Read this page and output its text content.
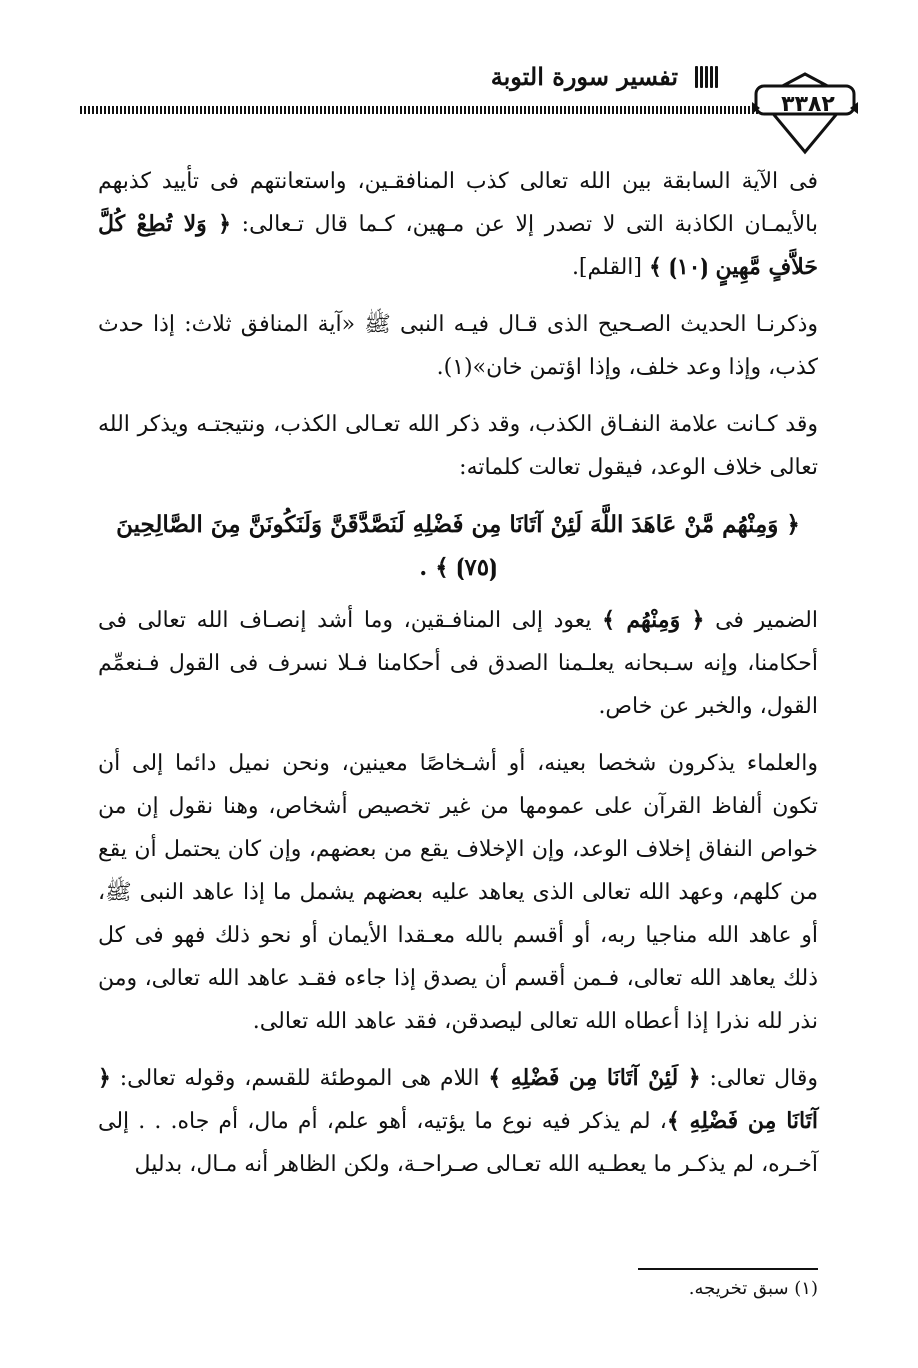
تفسير سورة التوبة
٣٣٨٢

فى الآية السابقة بين الله تعالى كذب المنافقـين، واستعانتهم فى تأييد كذبهم بالأيمـان الكاذبة التى لا تصدر إلا عن مـهين، كـما قال تـعالى: ﴿ وَلا تُطِعْ كُلَّ حَلاَّفٍ مَّهِينٍ ⦗١٠⦘ ﴾ [القلم].

وذكرنـا الحديث الصـحيح الذى قـال فيـه النبى ﷺ «آية المنافق ثلاث: إذا حدث كذب، وإذا وعد خلف، وإذا اؤتمن خان»(١).

وقد كـانت علامة النفـاق الكذب، وقد ذكر الله تعـالى الكذب، ونتيجتـه ويذكر الله تعالى خلاف الوعد، فيقول تعالت كلماته:

﴿ وَمِنْهُم مَّنْ عَاهَدَ اللَّهَ لَئِنْ آتَانَا مِن فَضْلِهِ لَنَصَّدَّقَنَّ وَلَنَكُونَنَّ مِنَ الصَّالِحِينَ ⦗٧٥⦘ ﴾ .

الضمير فى ﴿ وَمِنْهُم ﴾ يعود إلى المنافـقين، وما أشد إنصـاف الله تعالى فى أحكامنا، وإنه سـبحانه يعلـمنا الصدق فى أحكامنا فـلا نسرف فى القول فـنعمِّم القول، والخبر عن خاص.

والعلماء يذكرون شخصا بعينه، أو أشـخاصًا معينين، ونحن نميل دائما إلى أن تكون ألفاظ القرآن على عمومها من غير تخصيص أشخاص، وهنا نقول إن من خواص النفاق إخلاف الوعد، وإن الإخلاف يقع من بعضهم، وإن كان يحتمل أن يقع من كلهم، وعهد الله تعالى الذى يعاهد عليه بعضهم يشمل ما إذا عاهد النبى ﷺ، أو عاهد الله مناجيا ربه، أو أقسم بالله معـقدا الأيمان أو نحو ذلك فهو فى كل ذلك يعاهد الله تعالى، فـمن أقسم أن يصدق إذا جاءه فقـد عاهد الله تعالى، ومن نذر لله نذرا إذا أعطاه الله تعالى ليصدقن، فقد عاهد الله تعالى.

وقال تعالى: ﴿ لَئِنْ آتَانَا مِن فَضْلِهِ ﴾ اللام هى الموطئة للقسم، وقوله تعالى: ﴿ آتَانَا مِن فَضْلِهِ ﴾، لم يذكر فيه نوع ما يؤتيه، أهو علم، أم مال، أم جاه. . . إلى آخـره، لم يذكـر ما يعطـيه الله تعـالى صـراحـة، ولكن الظاهر أنه مـال، بدليل

(١) سبق تخريجه.
